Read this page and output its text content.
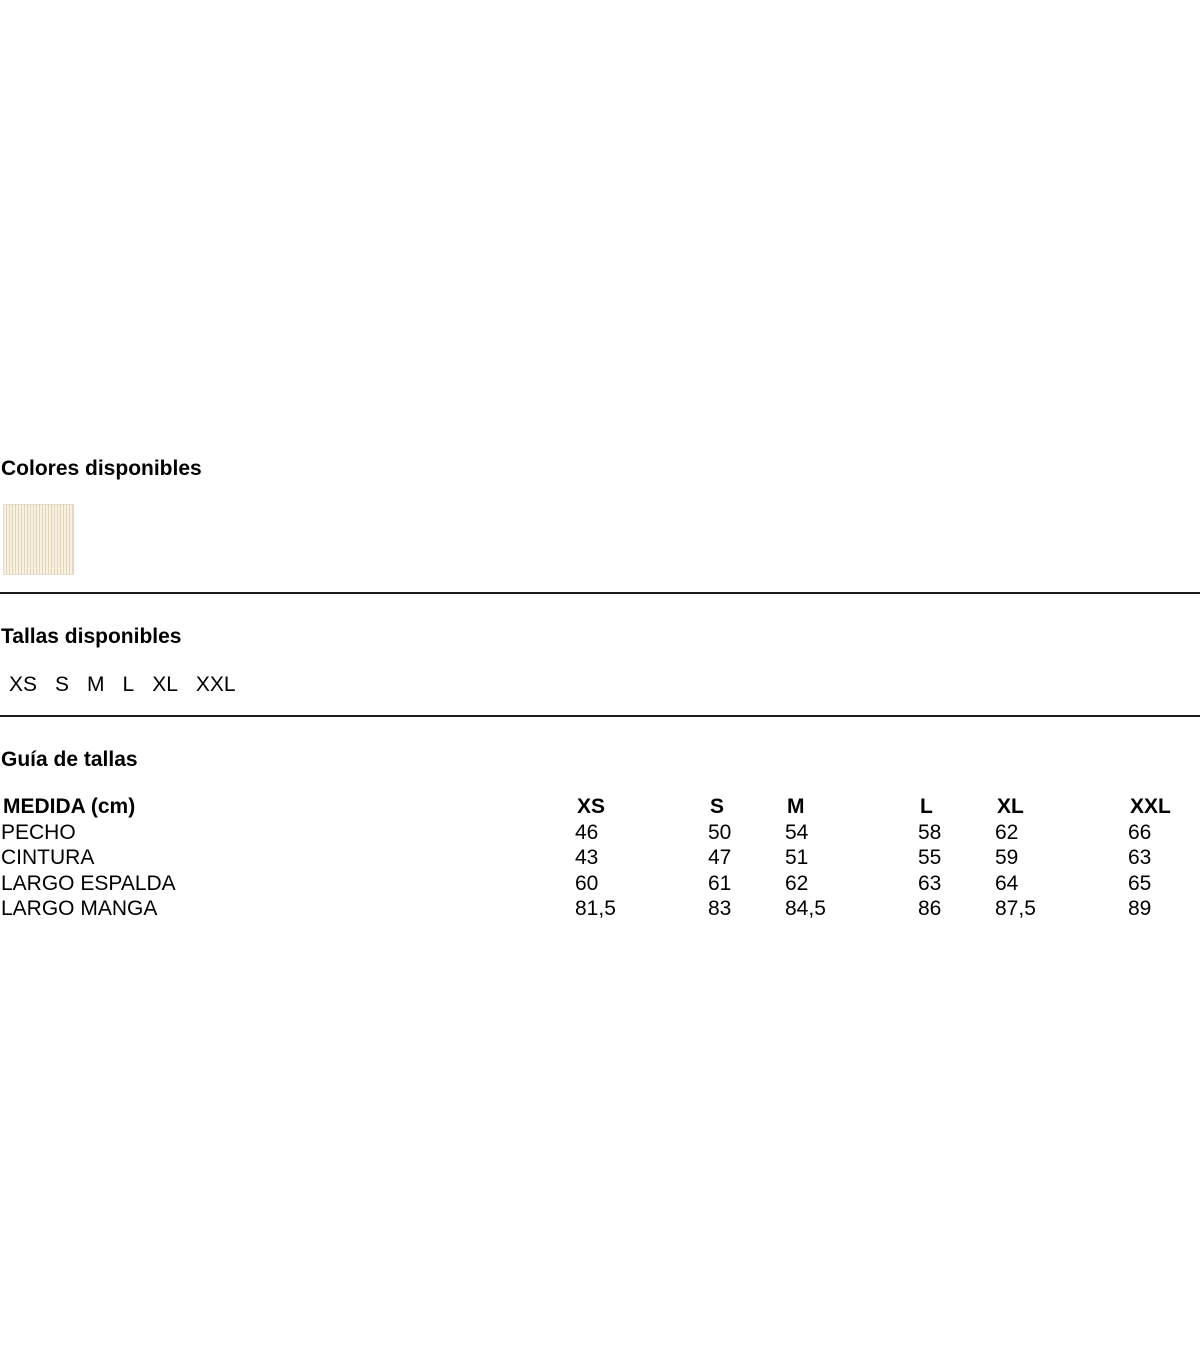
Colores disponibles
Tallas disponibles
XS S M L XL XXL
Guía de tallas
MEDIDA (cm)	XS	S	M	L	XL	XXL
PECHO	46	50	54	58	62	66
CINTURA	43	47	51	55	59	63
LARGO ESPALDA	60	61	62	63	64	65
LARGO MANGA	81,5	83	84,5	86	87,5	89
